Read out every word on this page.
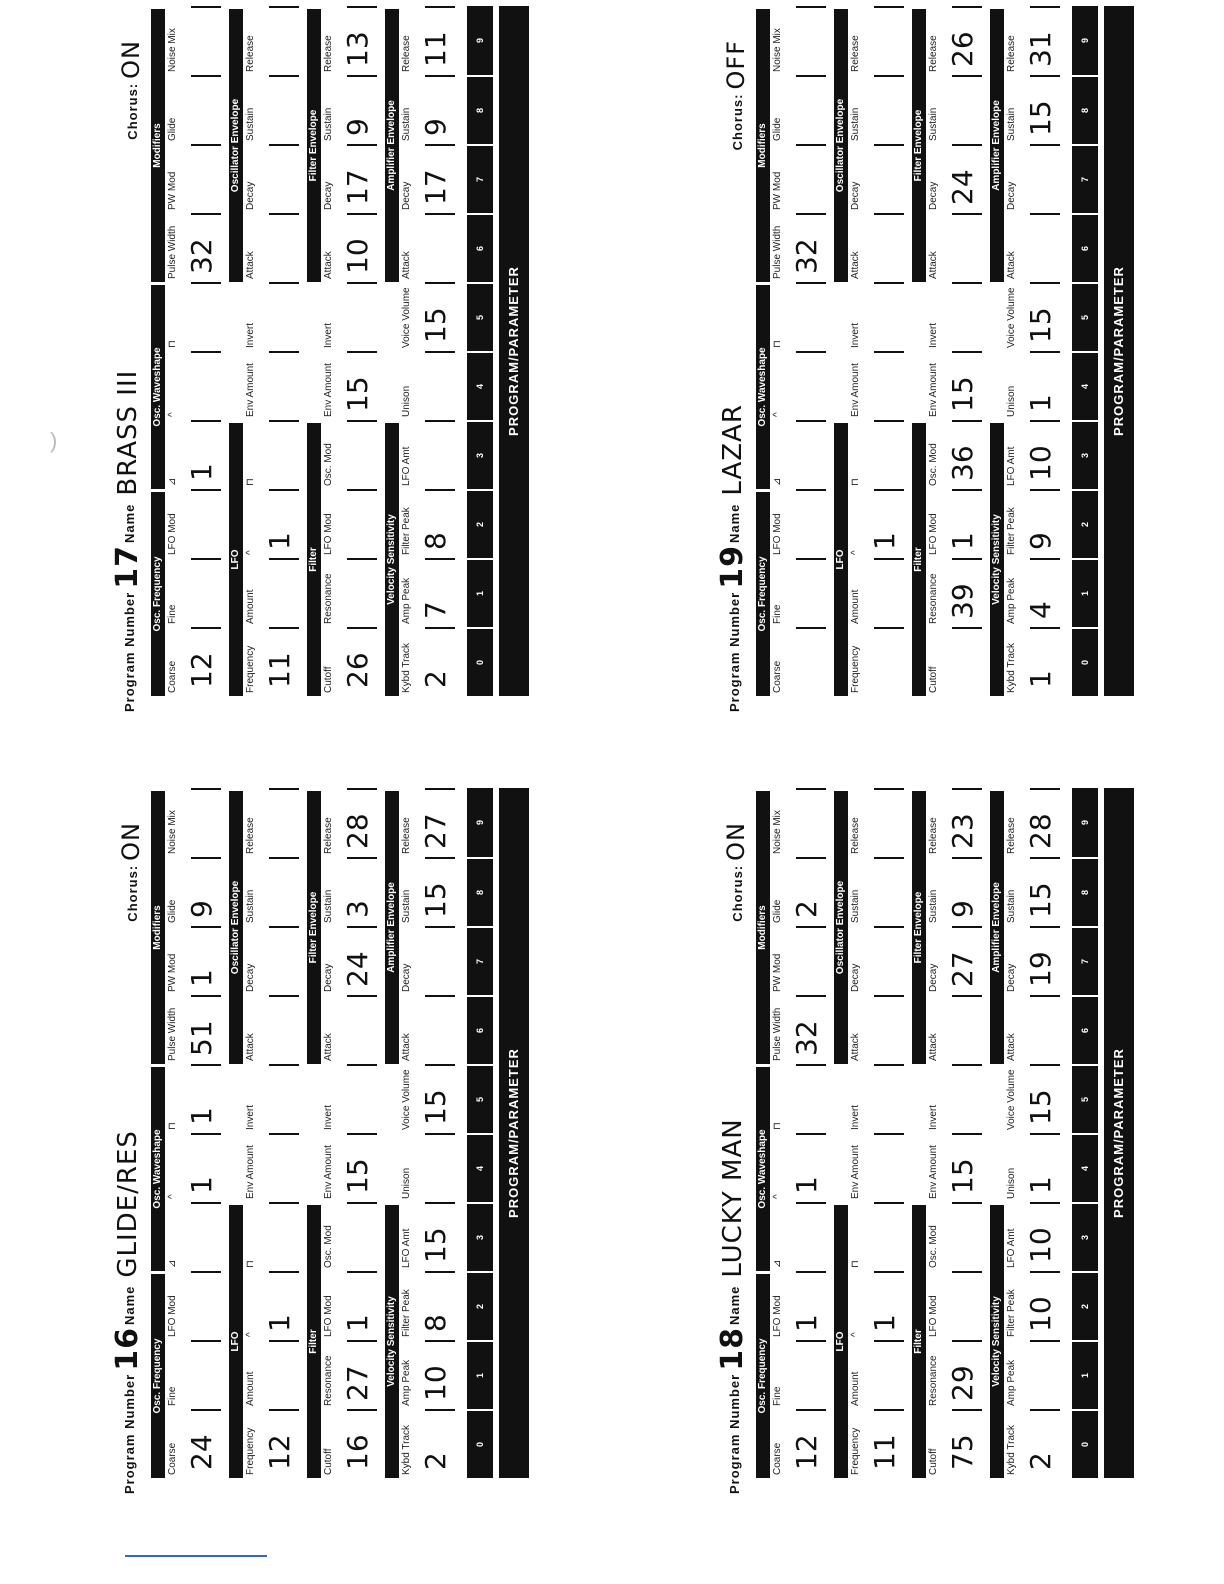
Program Number16NameGLIDE/RES
Chorus:ON
Osc. Frequency
Osc. Waveshape
Modifiers
Coarse 24
Fine
LFO Mod
⊿
^
1
⊓
1
Pulse Width 51
PW Mod 1
Glide 9
Noise Mix
LFO
Oscillator Envelope
Frequency 12
Amount
^
1
⊓
Env Amount
Invert
Attack
Decay
Sustain
Release
Filter
Filter Envelope
Cutoff 16
Resonance 27
LFO Mod 1
Osc. Mod
Env Amount 15
Invert
Attack
Decay 24
Sustain 3
Release 28
Velocity Sensitivity
Amplifier Envelope
Kybd Track 2
Amp Peak 10
Filter Peak 8
LFO Amt 15
Unison
Voice Volume 15
Attack
Decay
Sustain 15
Release 27
0
1
2
3
4
5
6
7
8
9
PROGRAM/PARAMETER
Program Number17NameBRASS III
Chorus:ON
Osc. Frequency
Osc. Waveshape
Modifiers
Coarse 12
Fine
LFO Mod
⊿
1
^
⊓
Pulse Width 32
PW Mod
Glide
Noise Mix
LFO
Oscillator Envelope
Frequency 11
Amount
^
1
⊓
Env Amount
Invert
Attack
Decay
Sustain
Release
Filter
Filter Envelope
Cutoff 26
Resonance
LFO Mod
Osc. Mod
Env Amount 15
Invert
Attack 10
Decay 17
Sustain 9
Release 13
Velocity Sensitivity
Amplifier Envelope
Kybd Track 2
Amp Peak 7
Filter Peak 8
LFO Amt
Unison
Voice Volume 15
Attack
Decay 17
Sustain 9
Release 11
0
1
2
3
4
5
6
7
8
9
PROGRAM/PARAMETER
Program Number18NameLUCKY MAN
Chorus:ON
Osc. Frequency
Osc. Waveshape
Modifiers
Coarse 12
Fine
LFO Mod 1
⊿
^
1
⊓
Pulse Width 32
PW Mod
Glide 2
Noise Mix
LFO
Oscillator Envelope
Frequency 11
Amount
^
1
⊓
Env Amount
Invert
Attack
Decay
Sustain
Release
Filter
Filter Envelope
Cutoff 75
Resonance 29
LFO Mod
Osc. Mod
Env Amount 15
Invert
Attack
Decay 27
Sustain 9
Release 23
Velocity Sensitivity
Amplifier Envelope
Kybd Track 2
Amp Peak
Filter Peak 10
LFO Amt 10
Unison 1
Voice Volume 15
Attack
Decay 19
Sustain 15
Release 28
0
1
2
3
4
5
6
7
8
9
PROGRAM/PARAMETER
Program Number19NameLAZAR
Chorus:OFF
Osc. Frequency
Osc. Waveshape
Modifiers
Coarse
Fine
LFO Mod
⊿
^
⊓
Pulse Width 32
PW Mod
Glide
Noise Mix
LFO
Oscillator Envelope
Frequency
Amount
^
1
⊓
Env Amount
Invert
Attack
Decay
Sustain
Release
Filter
Filter Envelope
Cutoff
Resonance 39
LFO Mod 1
Osc. Mod 36
Env Amount 15
Invert
Attack
Decay 24
Sustain
Release 26
Velocity Sensitivity
Amplifier Envelope
Kybd Track 1
Amp Peak 4
Filter Peak 9
LFO Amt 10
Unison 1
Voice Volume 15
Attack
Decay
Sustain 15
Release 31
0
1
2
3
4
5
6
7
8
9
PROGRAM/PARAMETER
)
